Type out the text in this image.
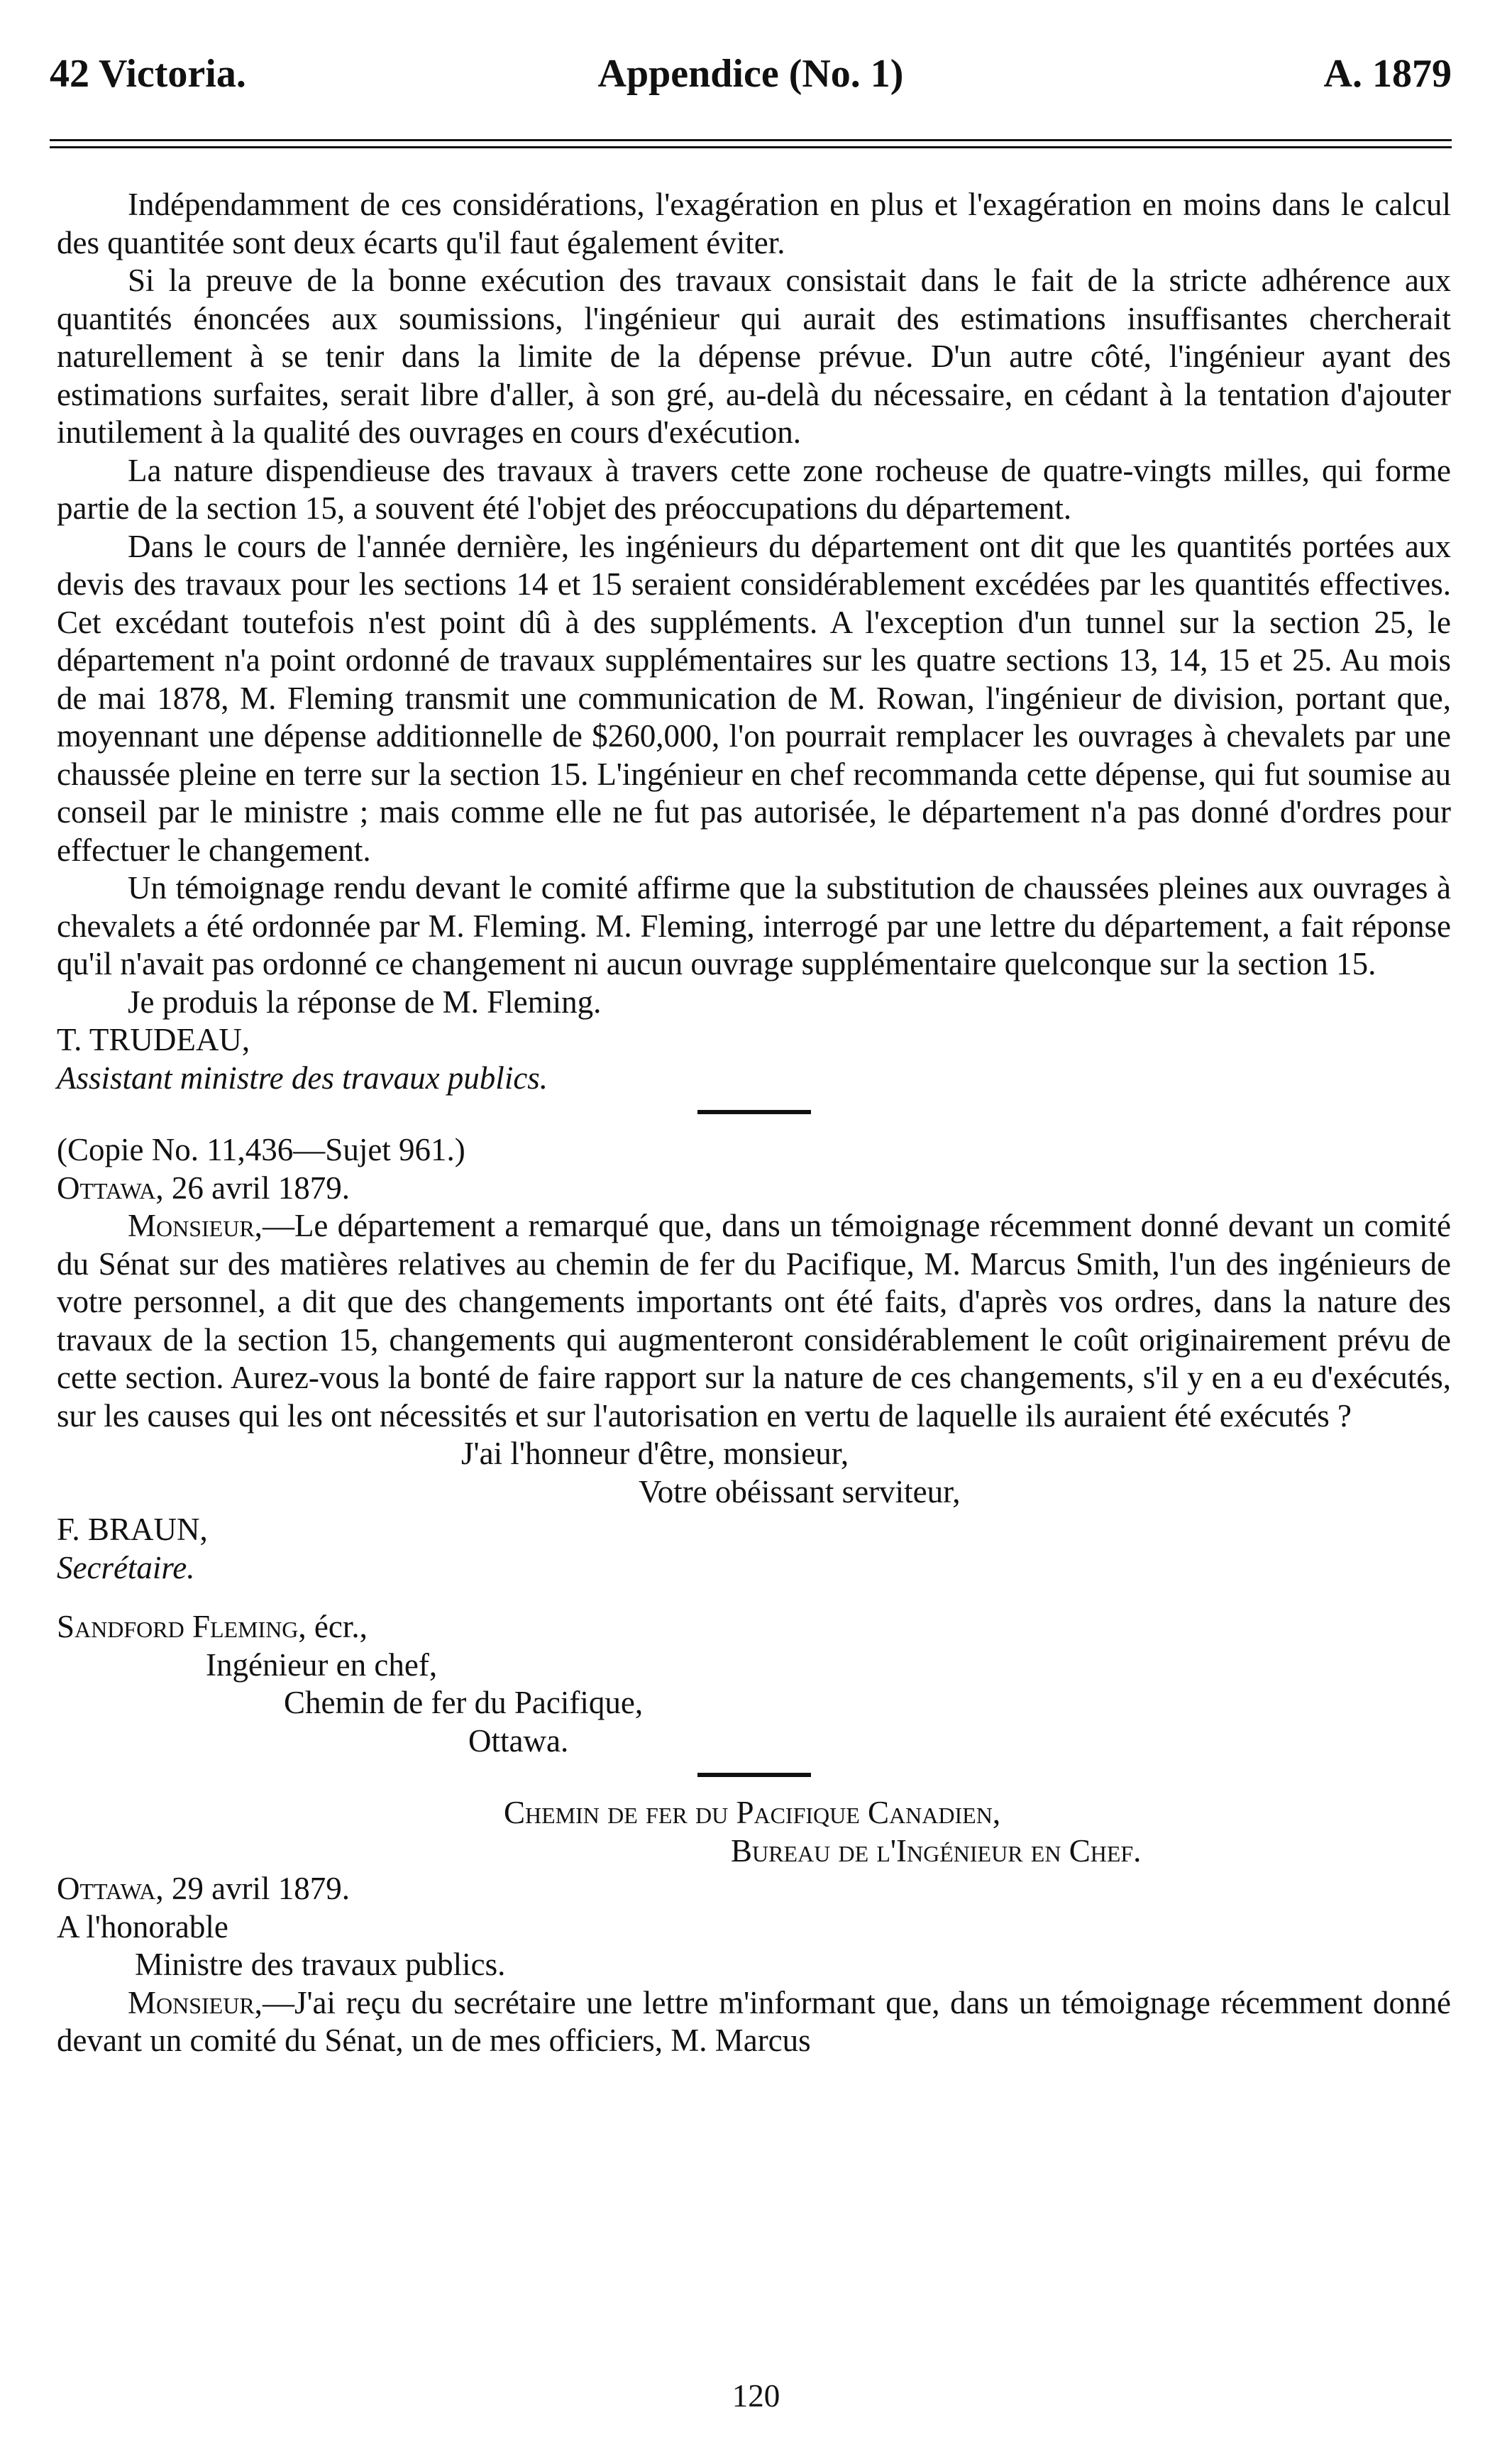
42 Victoria.	Appendice (No. 1)	A. 1879

Indépendamment de ces considérations, l'exagération en plus et l'exagération en moins dans le calcul des quantitée sont deux écarts qu'il faut également éviter.

Si la preuve de la bonne exécution des travaux consistait dans le fait de la stricte adhérence aux quantités énoncées aux soumissions, l'ingénieur qui aurait des estimations insuffisantes chercherait naturellement à se tenir dans la limite de la dépense prévue. D'un autre côté, l'ingénieur ayant des estimations surfaites, serait libre d'aller, à son gré, au-delà du nécessaire, en cédant à la tentation d'ajouter inutilement à la qualité des ouvrages en cours d'exécution.

La nature dispendieuse des travaux à travers cette zone rocheuse de quatre-vingts milles, qui forme partie de la section 15, a souvent été l'objet des préoccupations du département.

Dans le cours de l'année dernière, les ingénieurs du département ont dit que les quantités portées aux devis des travaux pour les sections 14 et 15 seraient considérablement excédées par les quantités effectives. Cet excédant toutefois n'est point dû à des suppléments. A l'exception d'un tunnel sur la section 25, le département n'a point ordonné de travaux supplémentaires sur les quatre sections 13, 14, 15 et 25. Au mois de mai 1878, M. Fleming transmit une communication de M. Rowan, l'ingénieur de division, portant que, moyennant une dépense additionnelle de $260,000, l'on pourrait remplacer les ouvrages à chevalets par une chaussée pleine en terre sur la section 15. L'ingénieur en chef recommanda cette dépense, qui fut soumise au conseil par le ministre ; mais comme elle ne fut pas autorisée, le département n'a pas donné d'ordres pour effectuer le changement.

Un témoignage rendu devant le comité affirme que la substitution de chaussées pleines aux ouvrages à chevalets a été ordonnée par M. Fleming. M. Fleming, interrogé par une lettre du département, a fait réponse qu'il n'avait pas ordonné ce changement ni aucun ouvrage supplémentaire quelconque sur la section 15.

Je produis la réponse de M. Fleming.

T. TRUDEAU,

Assistant ministre des travaux publics.

(Copie No. 11,436—Sujet 961.)

Ottawa, 26 avril 1879.

Monsieur,—Le département a remarqué que, dans un témoignage récemment donné devant un comité du Sénat sur des matières relatives au chemin de fer du Pacifique, M. Marcus Smith, l'un des ingénieurs de votre personnel, a dit que des changements importants ont été faits, d'après vos ordres, dans la nature des travaux de la section 15, changements qui augmenteront considérablement le coût originairement prévu de cette section. Aurez-vous la bonté de faire rapport sur la nature de ces changements, s'il y en a eu d'exécutés, sur les causes qui les ont nécessités et sur l'autorisation en vertu de laquelle ils auraient été exécutés ?

J'ai l'honneur d'être, monsieur,

Votre obéissant serviteur,

F. BRAUN,

Secrétaire.

Sandford Fleming, écr.,

Ingénieur en chef,

Chemin de fer du Pacifique,

Ottawa.

Chemin de fer du Pacifique Canadien,

Bureau de l'Ingénieur en Chef.

Ottawa, 29 avril 1879.

A l'honorable

Ministre des travaux publics.

Monsieur,—J'ai reçu du secrétaire une lettre m'informant que, dans un témoignage récemment donné devant un comité du Sénat, un de mes officiers, M. Marcus

120
